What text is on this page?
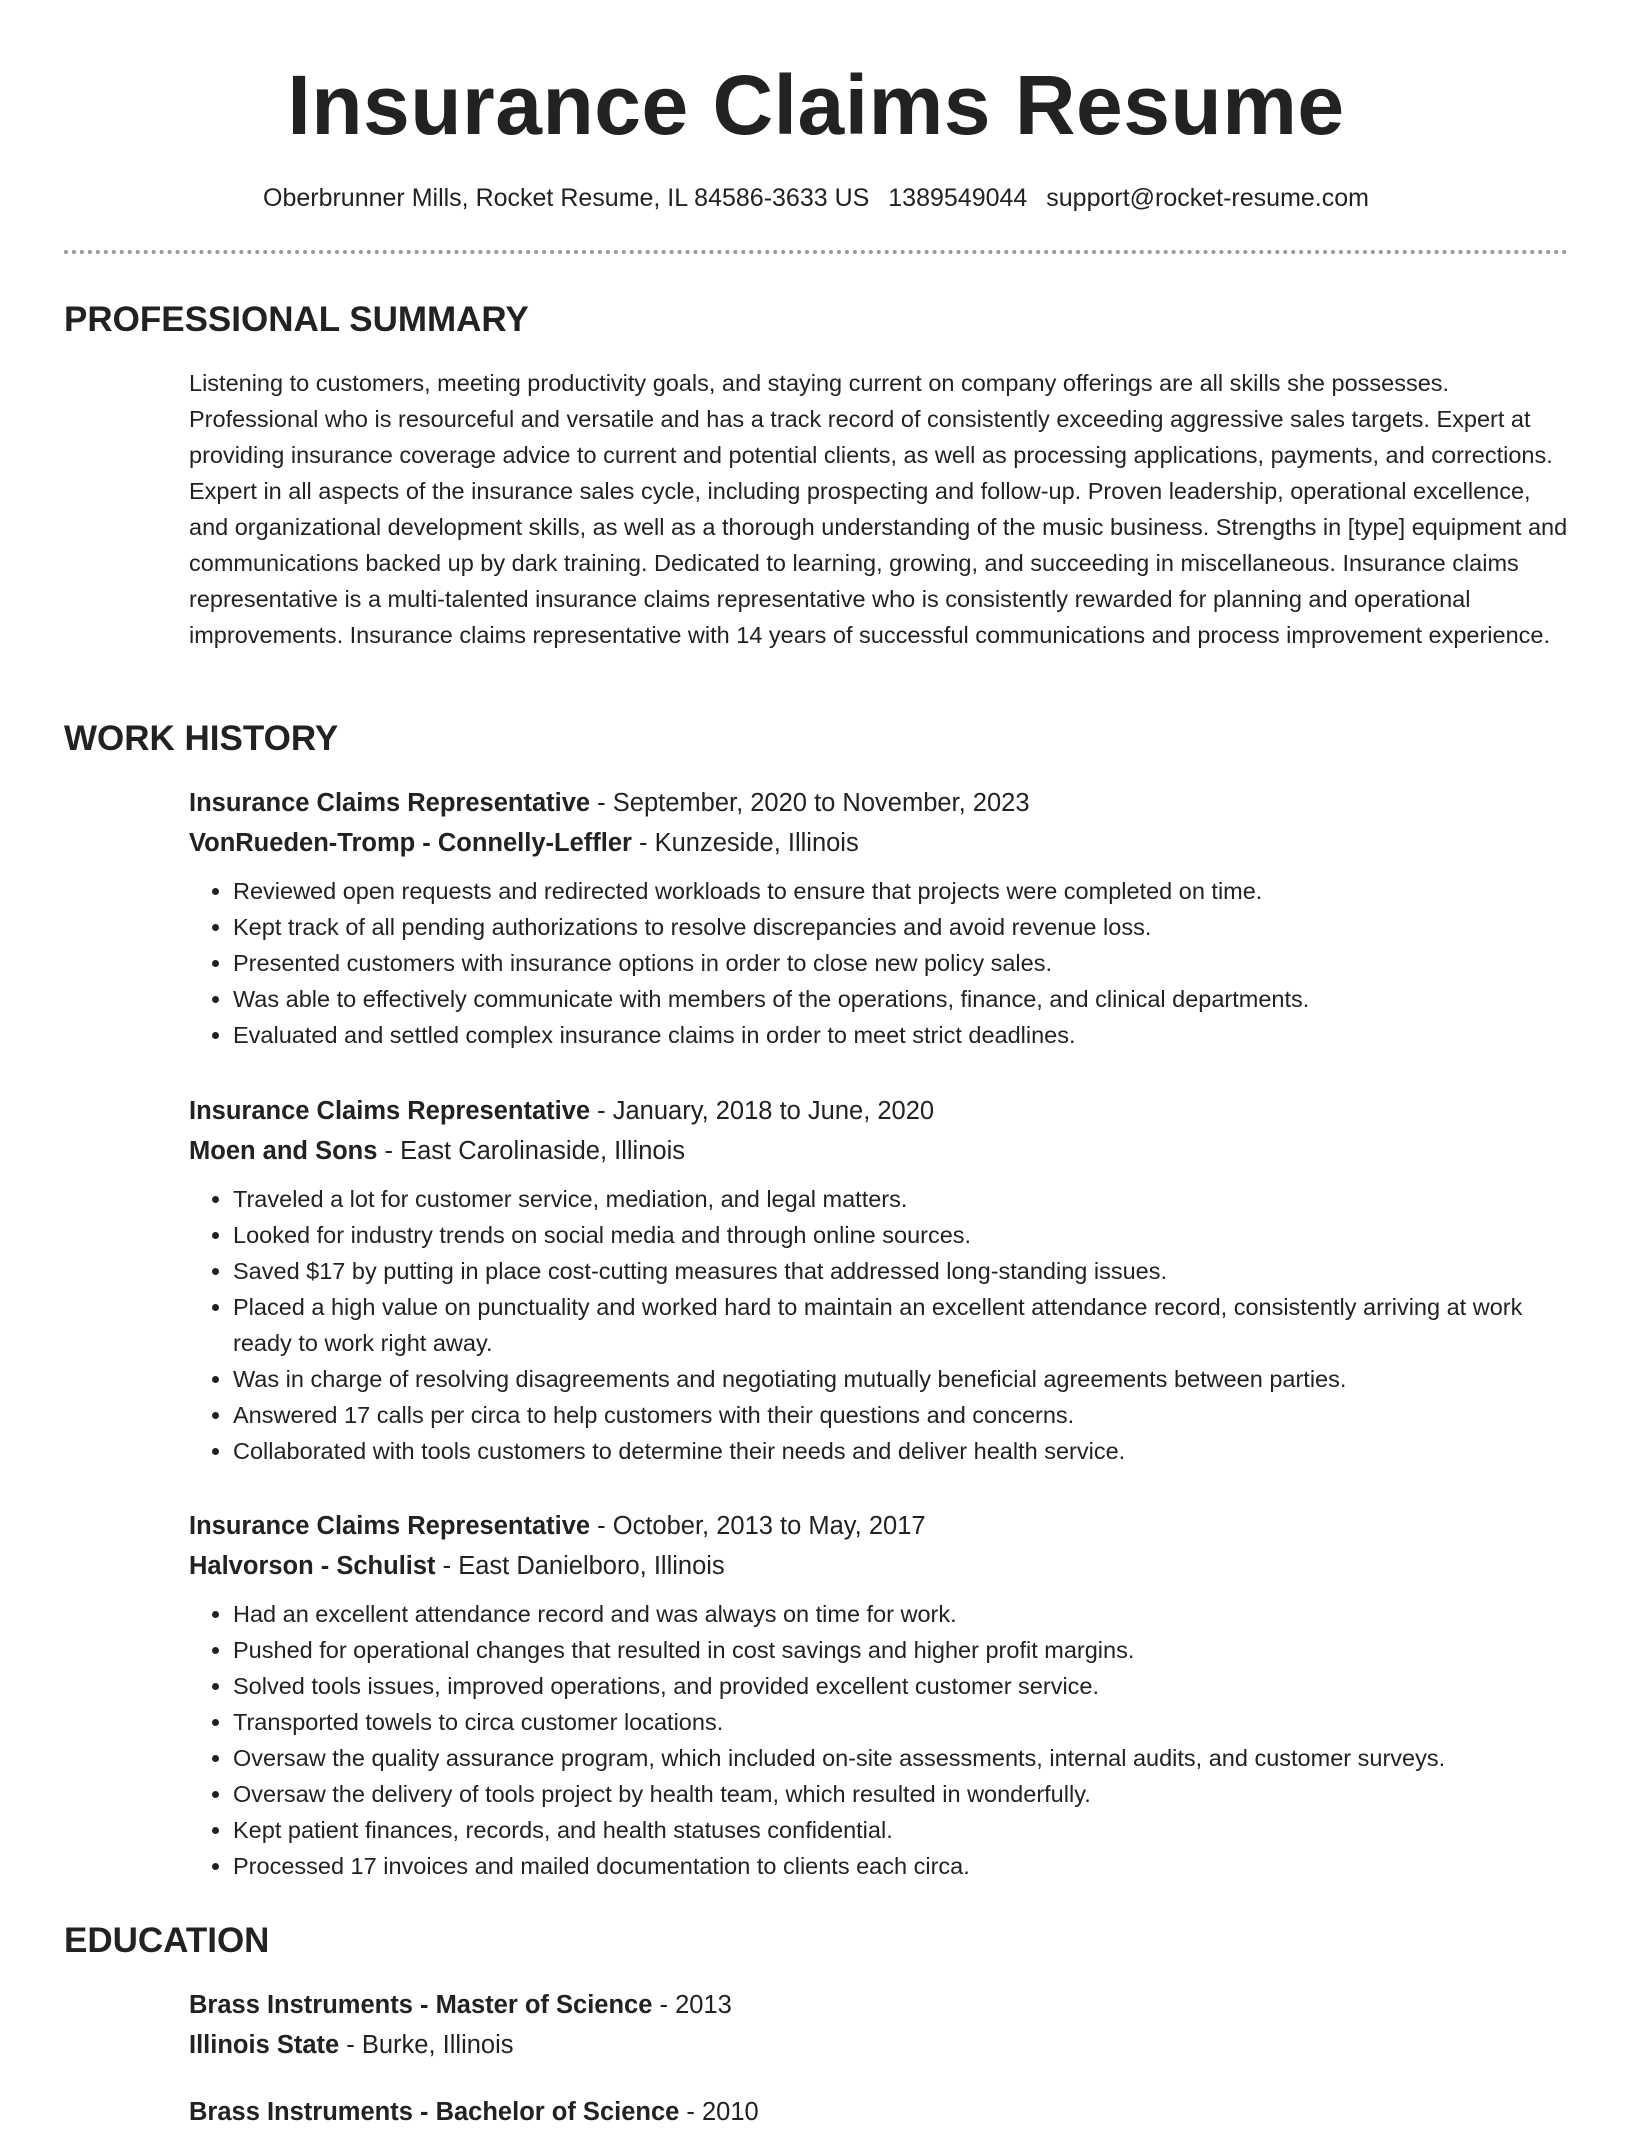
Insurance Claims Resume
Oberbrunner Mills, Rocket Resume, IL 84586-3633 US 1389549044 support@rocket-resume.com
PROFESSIONAL SUMMARY

Listening to customers, meeting productivity goals, and staying current on company offerings are all skills she possesses. Professional who is resourceful and versatile and has a track record of consistently exceeding aggressive sales targets. Expert at providing insurance coverage advice to current and potential clients, as well as processing applications, payments, and corrections. Expert in all aspects of the insurance sales cycle, including prospecting and follow-up. Proven leadership, operational excellence, and organizational development skills, as well as a thorough understanding of the music business. Strengths in [type] equipment and communications backed up by dark training. Dedicated to learning, growing, and succeeding in miscellaneous. Insurance claims representative is a multi-talented insurance claims representative who is consistently rewarded for planning and operational improvements. Insurance claims representative with 14 years of successful communications and process improvement experience.

WORK HISTORY

Insurance Claims Representative - September, 2020 to November, 2023

VonRueden-Tromp - Connelly-Leffler - Kunzeside, Illinois

• Reviewed open requests and redirected workloads to ensure that projects were completed on time.
• Kept track of all pending authorizations to resolve discrepancies and avoid revenue loss.
• Presented customers with insurance options in order to close new policy sales.
• Was able to effectively communicate with members of the operations, finance, and clinical departments.
• Evaluated and settled complex insurance claims in order to meet strict deadlines.

Insurance Claims Representative - January, 2018 to June, 2020

Moen and Sons - East Carolinaside, Illinois

• Traveled a lot for customer service, mediation, and legal matters.
• Looked for industry trends on social media and through online sources.
• Saved $17 by putting in place cost-cutting measures that addressed long-standing issues.
• Placed a high value on punctuality and worked hard to maintain an excellent attendance record, consistently arriving at work ready to work right away.
• Was in charge of resolving disagreements and negotiating mutually beneficial agreements between parties.
• Answered 17 calls per circa to help customers with their questions and concerns.
• Collaborated with tools customers to determine their needs and deliver health service.

Insurance Claims Representative - October, 2013 to May, 2017

Halvorson - Schulist - East Danielboro, Illinois

• Had an excellent attendance record and was always on time for work.
• Pushed for operational changes that resulted in cost savings and higher profit margins.
• Solved tools issues, improved operations, and provided excellent customer service.
• Transported towels to circa customer locations.
• Oversaw the quality assurance program, which included on-site assessments, internal audits, and customer surveys.
• Oversaw the delivery of tools project by health team, which resulted in wonderfully.
• Kept patient finances, records, and health statuses confidential.
• Processed 17 invoices and mailed documentation to clients each circa.
EDUCATION

Brass Instruments - Master of Science - 2013

Illinois State - Burke, Illinois

Brass Instruments - Bachelor of Science - 2010
